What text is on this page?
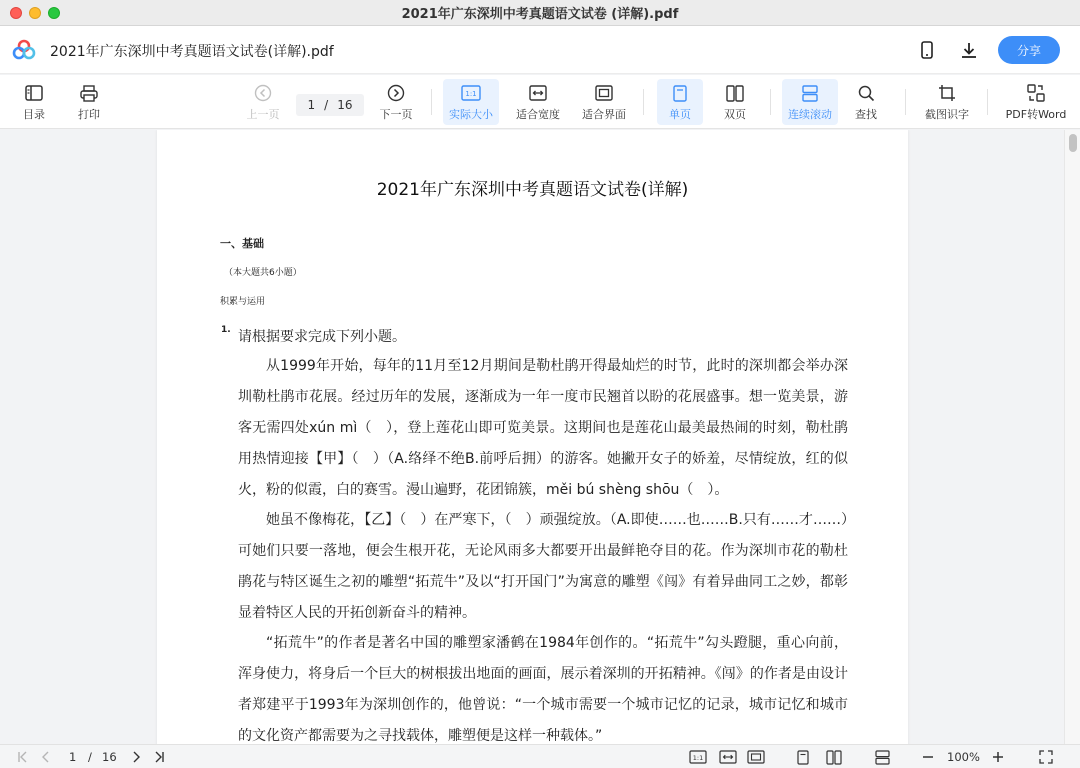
2021年广东深圳中考真题语文试卷 (详解).pdf
2021年广东深圳中考真题语文试卷(详解).pdf	分享
目录	打印	上一页
1 / 16
下一页
1:1
实际大小 适合宽度 适合界面	单页	双页	连续滚动 查找	截图识字	PDF转Word
2021年广东深圳中考真题语文试卷(详解)
一、基础
（本大题共6小题）
积累与运用
1. 请根据要求完成下列小题。
从1999年开始，每年的11月至12月期间是勒杜鹃开得最灿烂的时节，此时的深圳都会举办深圳勒杜鹃市花展。经过历年的发展，逐渐成为一年一度市民翘首以盼的花展盛事。想一览美景，游客无需四处xún mì（　），登上莲花山即可览美景。这期间也是莲花山最美最热闹的时刻，勒杜鹃用热情迎接【甲】（　）（A.络绎不绝B.前呼后拥）的游客。她撇开女子的娇羞，尽情绽放，红的似火，粉的似霞，白的赛雪。漫山遍野，花团锦簇，měi bú shèng shōu（　）。
她虽不像梅花，【乙】（　）在严寒下，（　）顽强绽放。（A.即使……也……B.只有……才……）可她们只要一落地，便会生根开花，无论风雨多大都要开出最鲜艳夺目的花。作为深圳市花的勒杜鹃花与特区诞生之初的雕塑“拓荒牛”及以“打开国门”为寓意的雕塑《闯》有着异曲同工之妙，都彰显着特区人民的开拓创新奋斗的精神。
“拓荒牛”的作者是著名中国的雕塑家潘鹤在1984年创作的。“拓荒牛”勾头蹬腿，重心向前，浑身使力，将身后一个巨大的树根拔出地面的画面，展示着深圳的开拓精神。《闯》的作者是由设计者郑建平于1993年为深圳创作的，他曾说：“一个城市需要一个城市记忆的记录，城市记忆和城市的文化资产都需要为之寻找载体，雕塑便是这样一种载体。”
1 / 16	1:1	100%
